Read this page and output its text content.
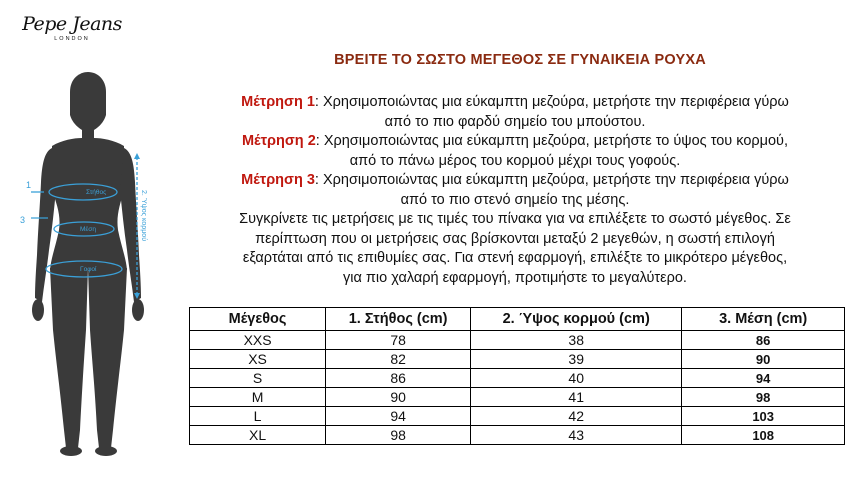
Pepe Jeans
LONDON
ΒΡΕΙΤΕ ΤΟ ΣΩΣΤΟ ΜΕΓΕΘΟΣ ΣΕ ΓΥΝΑΙΚΕΙΑ ΡΟΥΧΑ
Μέτρηση 1: Χρησιμοποιώντας μια εύκαμπτη μεζούρα, μετρήστε την περιφέρεια γύρω
από το πιο φαρδύ σημείο του μπούστου.
Μέτρηση 2: Χρησιμοποιώντας μια εύκαμπτη μεζούρα, μετρήστε το ύψος του κορμού,
από το πάνω μέρος του κορμού μέχρι τους γοφούς.
Μέτρηση 3: Χρησιμοποιώντας μια εύκαμπτη μεζούρα, μετρήστε την περιφέρεια γύρω
από το πιο στενό σημείο της μέσης.
Συγκρίνετε τις μετρήσεις με τις τιμές του πίνακα για να επιλέξετε το σωστό μέγεθος. Σε
περίπτωση που οι μετρήσεις σας βρίσκονται μεταξύ 2 μεγεθών, η σωστή επιλογή
εξαρτάται από τις επιθυμίες σας. Για στενή εφαρμογή, επιλέξτε το μικρότερο μέγεθος,
για πιο χαλαρή εφαρμογή, προτιμήστε το μεγαλύτερο.
1
3
Στήθος
Μέση
Γοφοί
2. Ύψος κορμού
Μέγεθος	1. Στήθος (cm)	2. Ύψος κορμού (cm)	3. Μέση (cm)
XXS	78	38	86
XS	82	39	90
S	86	40	94
M	90	41	98
L	94	42	103
XL	98	43	108
